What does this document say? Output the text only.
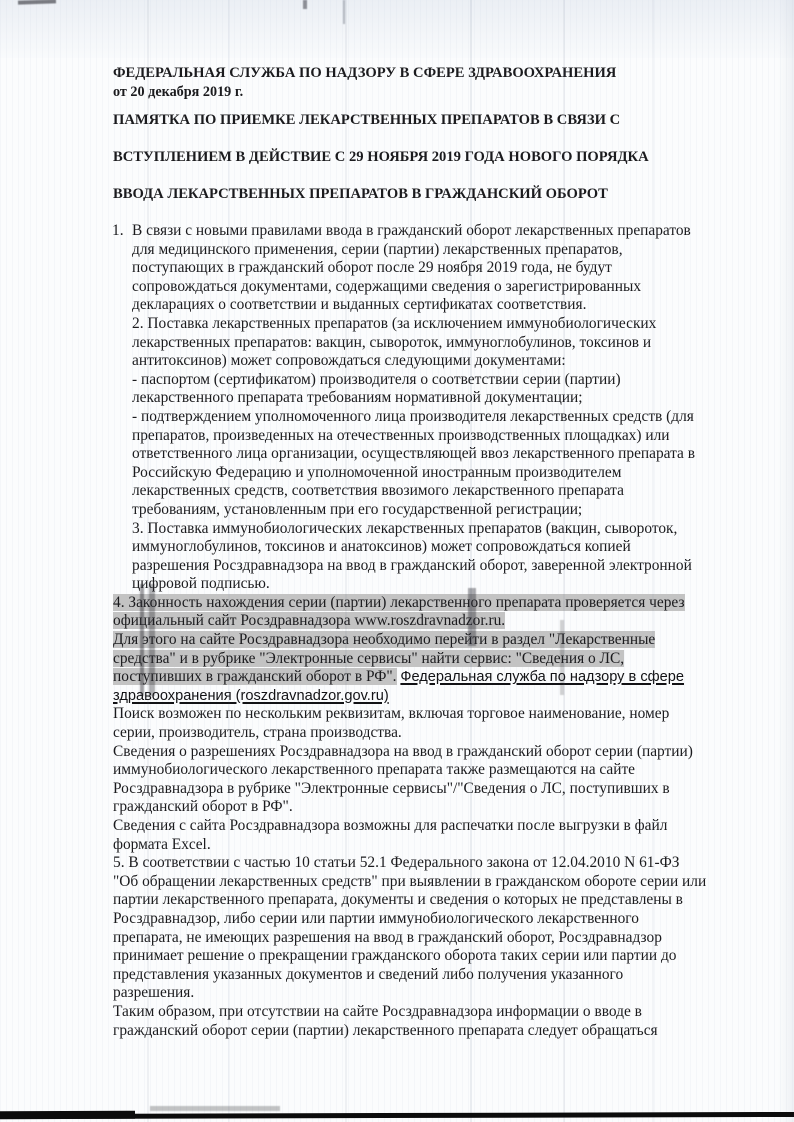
ФЕДЕРАЛЬНАЯ СЛУЖБА ПО НАДЗОРУ В СФЕРЕ ЗДРАВООХРАНЕНИЯ
от 20 декабря 2019 г.
ПАМЯТКА ПО ПРИЕМКЕ ЛЕКАРСТВЕННЫХ ПРЕПАРАТОВ В СВЯЗИ С
ВСТУПЛЕНИЕМ В ДЕЙСТВИЕ С 29 НОЯБРЯ 2019 ГОДА НОВОГО ПОРЯДКА
ВВОДА ЛЕКАРСТВЕННЫХ ПРЕПАРАТОВ В ГРАЖДАНСКИЙ ОБОРОТ
1. В связи с новыми правилами ввода в гражданский оборот лекарственных препаратов для медицинского применения, серии (партии) лекарственных препаратов, поступающих в гражданский оборот после 29 ноября 2019 года, не будут сопровождаться документами, содержащими сведения о зарегистрированных декларациях о соответствии и выданных сертификатах соответствия.
2. Поставка лекарственных препаратов (за исключением иммунобиологических лекарственных препаратов: вакцин, сывороток, иммуноглобулинов, токсинов и антитоксинов) может сопровождаться следующими документами:
- паспортом (сертификатом) производителя о соответствии серии (партии) лекарственного препарата требованиям нормативной документации;
- подтверждением уполномоченного лица производителя лекарственных средств (для препаратов, произведенных на отечественных производственных площадках) или ответственного лица организации, осуществляющей ввоз лекарственного препарата в Российскую Федерацию и уполномоченной иностранным производителем лекарственных средств, соответствия ввозимого лекарственного препарата требованиям, установленным при его государственной регистрации;
3. Поставка иммунобиологических лекарственных препаратов (вакцин, сывороток, иммуноглобулинов, токсинов и анатоксинов) может сопровождаться копией разрешения Росздравнадзора на ввод в гражданский оборот, заверенной электронной цифровой подписью.
4. Законность нахождения серии (партии) лекарственного препарата проверяется через официальный сайт Росздравнадзора www.roszdravnadzor.ru.
Для этого на сайте Росздравнадзора необходимо перейти в раздел "Лекарственные средства" и в рубрике "Электронные сервисы" найти сервис: "Сведения о ЛС, поступивших в гражданский оборот в РФ". Федеральная служба по надзору в сфере здравоохранения (roszdravnadzor.gov.ru)
Поиск возможен по нескольким реквизитам, включая торговое наименование, номер серии, производитель, страна производства.
Сведения о разрешениях Росздравнадзора на ввод в гражданский оборот серии (партии) иммунобиологического лекарственного препарата также размещаются на сайте Росздравнадзора в рубрике "Электронные сервисы"/"Сведения о ЛС, поступивших в гражданский оборот в РФ".
Сведения с сайта Росздравнадзора возможны для распечатки после выгрузки в файл формата Excel.
5. В соответствии с частью 10 статьи 52.1 Федерального закона от 12.04.2010 N 61-ФЗ "Об обращении лекарственных средств" при выявлении в гражданском обороте серии или партии лекарственного препарата, документы и сведения о которых не представлены в Росздравнадзор, либо серии или партии иммунобиологического лекарственного препарата, не имеющих разрешения на ввод в гражданский оборот, Росздравнадзор принимает решение о прекращении гражданского оборота таких серии или партии до представления указанных документов и сведений либо получения указанного разрешения.
Таким образом, при отсутствии на сайте Росздравнадзора информации о вводе в гражданский оборот серии (партии) лекарственного препарата следует обращаться
